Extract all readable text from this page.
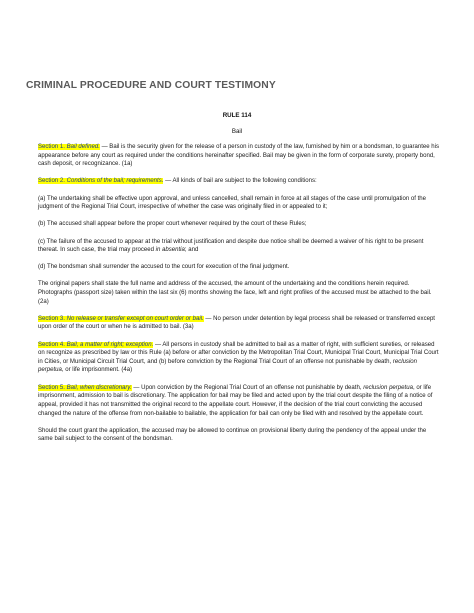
CRIMINAL PROCEDURE AND COURT TESTIMONY
RULE 114
Bail

Section 1. Bail defined. — Bail is the security given for the release of a person in custody of the law, furnished by him or a bondsman, to guarantee his appearance before any court as required under the conditions hereinafter specified. Bail may be given in the form of corporate surety, property bond, cash deposit, or recognizance. (1a)

Section 2. Conditions of the bail; requirements. — All kinds of bail are subject to the following conditions:

(a) The undertaking shall be effective upon approval, and unless cancelled, shall remain in force at all stages of the case until promulgation of the judgment of the Regional Trial Court, irrespective of whether the case was originally filed in or appealed to it;

(b) The accused shall appear before the proper court whenever required by the court of these Rules;

(c) The failure of the accused to appear at the trial without justification and despite due notice shall be deemed a waiver of his right to be present thereat. In such case, the trial may proceed in absentia; and

(d) The bondsman shall surrender the accused to the court for execution of the final judgment.

The original papers shall state the full name and address of the accused, the amount of the undertaking and the conditions herein required. Photographs (passport size) taken within the last six (6) months showing the face, left and right profiles of the accused must be attached to the bail. (2a)

Section 3. No release or transfer except on court order or bail. — No person under detention by legal process shall be released or transferred except upon order of the court or when he is admitted to bail. (3a)

Section 4. Bail, a matter of right; exception. — All persons in custody shall be admitted to bail as a matter of right, with sufficient sureties, or released on recognize as prescribed by law or this Rule (a) before or after conviction by the Metropolitan Trial Court, Municipal Trial Court, Municipal Trial Court in Cities, or Municipal Circuit Trial Court, and (b) before conviction by the Regional Trial Court of an offense not punishable by death, reclusion perpetua, or life imprisonment. (4a)

Section 5. Bail, when discretionary. — Upon conviction by the Regional Trial Court of an offense not punishable by death, reclusion perpetua, or life imprisonment, admission to bail is discretionary. The application for bail may be filed and acted upon by the trial court despite the filing of a notice of appeal, provided it has not transmitted the original record to the appellate court. However, if the decision of the trial court convicting the accused changed the nature of the offense from non-bailable to bailable, the application for bail can only be filed with and resolved by the appellate court.

Should the court grant the application, the accused may be allowed to continue on provisional liberty during the pendency of the appeal under the same bail subject to the consent of the bondsman.
